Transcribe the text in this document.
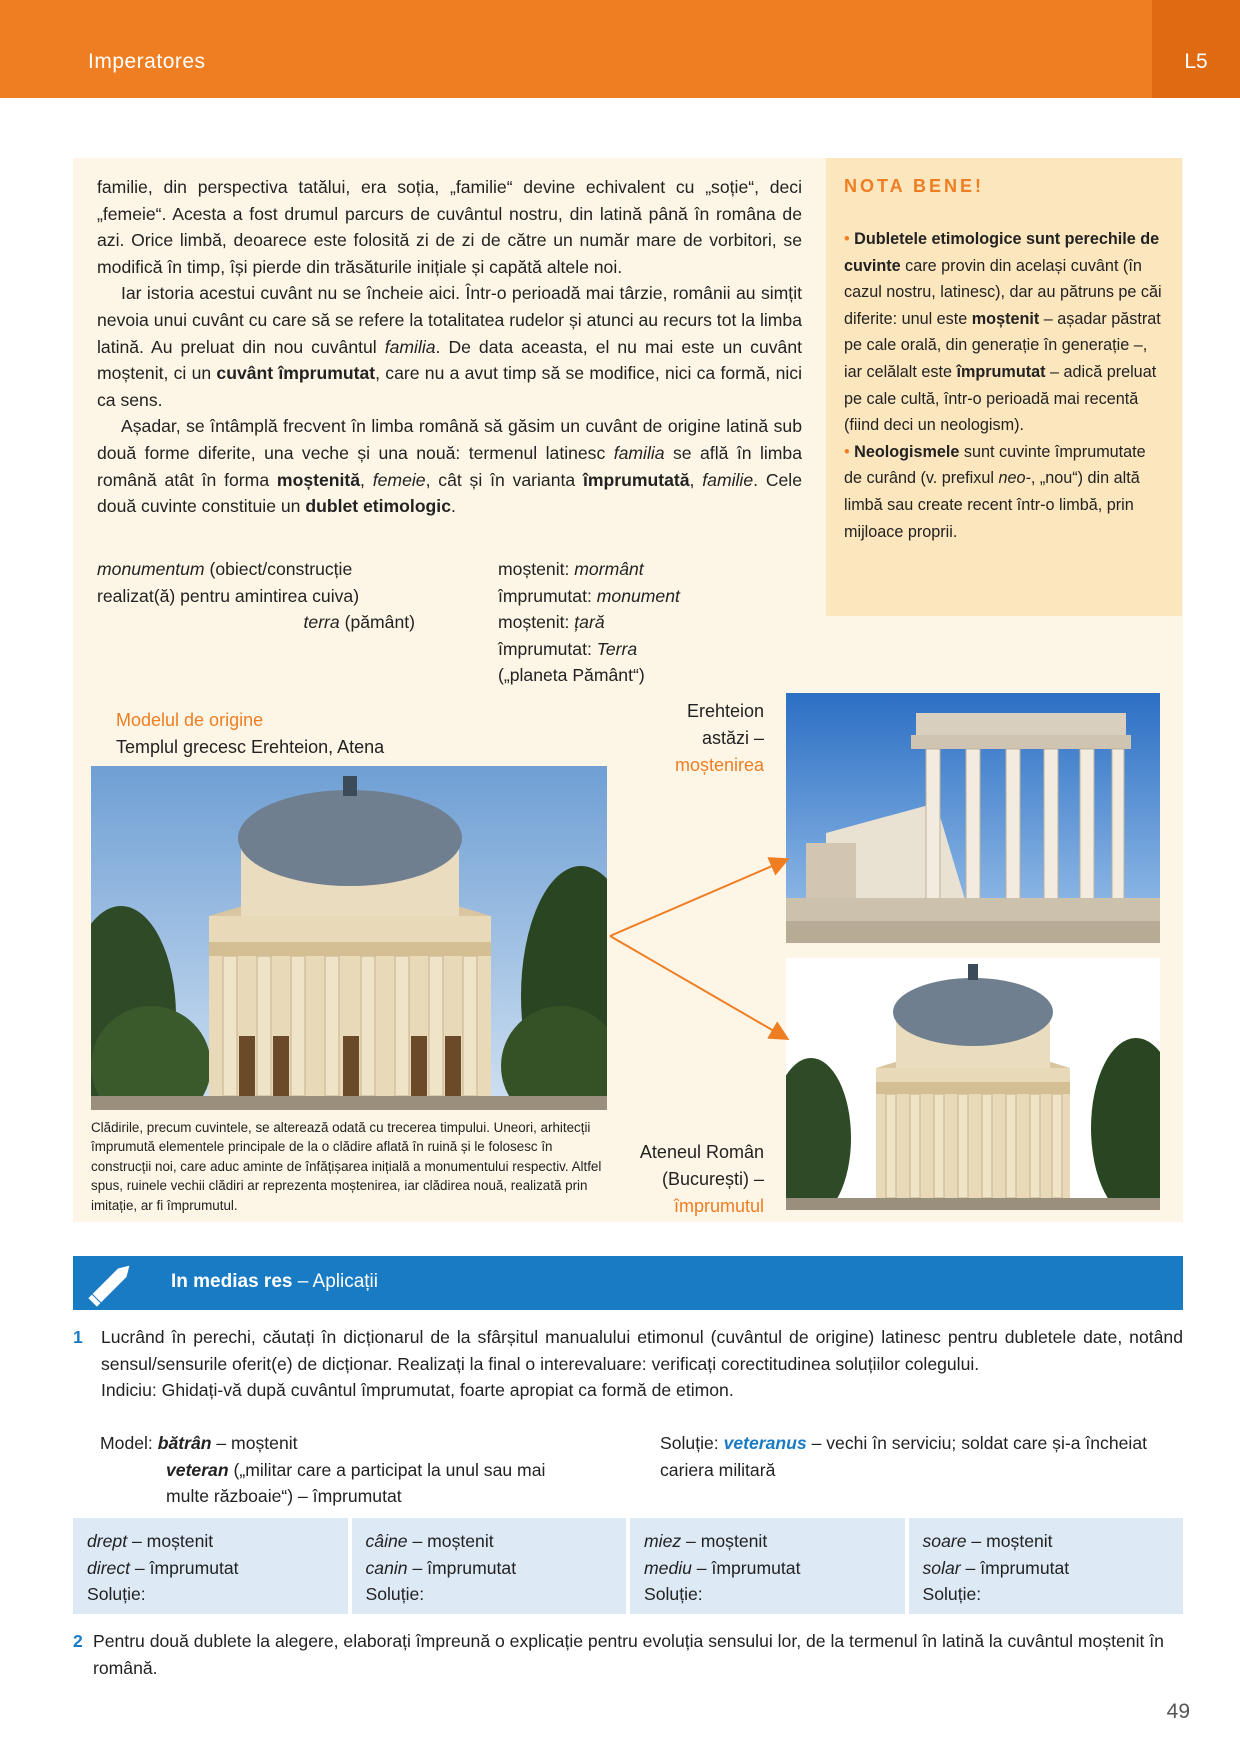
Imperatores	L5

familie, din perspectiva tatălui, era soția, „familie“ devine echivalent cu „soție“, deci „femeie“. Acesta a fost drumul parcurs de cuvântul nostru, din latină până în româna de azi. Orice limbă, deoarece este folosită zi de zi de către un număr mare de vorbitori, se modifică în timp, își pierde din trăsăturile inițiale și capătă altele noi.

Iar istoria acestui cuvânt nu se încheie aici. Într-o perioadă mai târzie, românii au simțit nevoia unui cuvânt cu care să se refere la totalitatea rudelor și atunci au recurs tot la limba latină. Au preluat din nou cuvântul familia. De data aceasta, el nu mai este un cuvânt moștenit, ci un cuvânt împrumutat, care nu a avut timp să se modifice, nici ca formă, nici ca sens.

Așadar, se întâmplă frecvent în limba română să găsim un cuvânt de origine latină sub două forme diferite, una veche și una nouă: termenul latinesc familia se află în limba română atât în forma moștenită, femeie, cât și în varianta împrumutată, familie. Cele două cuvinte constituie un dublet etimologic.

NOTA BENE!

• Dubletele etimologice sunt perechile de cuvinte care provin din același cuvânt (în cazul nostru, latinesc), dar au pătruns pe căi diferite: unul este moștenit – așadar păstrat pe cale orală, din generație în generație –, iar celălalt este împrumutat – adică preluat pe cale cultă, într-o perioadă mai recentă (fiind deci un neologism).

• Neologismele sunt cuvinte împrumutate de curând (v. prefixul neo-, „nou“) din altă limbă sau create recent într-o limbă, prin mijloace proprii.

monumentum (obiect/construcție realizat(ă) pentru amintirea cuiva)
terra (pământ)
moștenit: mormânt
împrumutat: monument
moștenit: țară
împrumutat: Terra
(„planeta Pământ“)
Modelul de origine
Templul grecesc Erehteion, Atena
Erehteion
astăzi –
moștenirea
Ateneul Român
(București) –
împrumutul

Clădirile, precum cuvintele, se alterează odată cu trecerea timpului. Uneori, arhitecții împrumută elementele principale de la o clădire aflată în ruină și le folosesc în construcții noi, care aduc aminte de înfățișarea inițială a monumentului respectiv. Altfel spus, ruinele vechii clădiri ar reprezenta moștenirea, iar clădirea nouă, realizată prin imitație, ar fi împrumutul.

In medias res – Aplicații
1 Lucrând în perechi, căutați în dicționarul de la sfârșitul manualului etimonul (cuvântul de origine) latinesc pentru dubletele date, notând sensul/sensurile oferit(e) de dicționar. Realizați la final o interevaluare: verificați corectitudinea soluțiilor colegului.
Indiciu: Ghidați-vă după cuvântul împrumutat, foarte apropiat ca formă de etimon.
Model: bătrân – moștenit
veteran („militar care a participat la unul sau mai multe războaie“) – împrumutat
Soluție: veteranus – vechi în serviciu; soldat care și-a încheiat cariera militară
drept – moștenit
direct – împrumutat
Soluție:
câine – moștenit
canin – împrumutat
Soluție:
miez – moștenit
mediu – împrumutat
Soluție:
soare – moștenit
solar – împrumutat
Soluție:
2 Pentru două dublete la alegere, elaborați împreună o explicație pentru evoluția sensului lor, de la termenul în latină la cuvântul moștenit în română.

49
